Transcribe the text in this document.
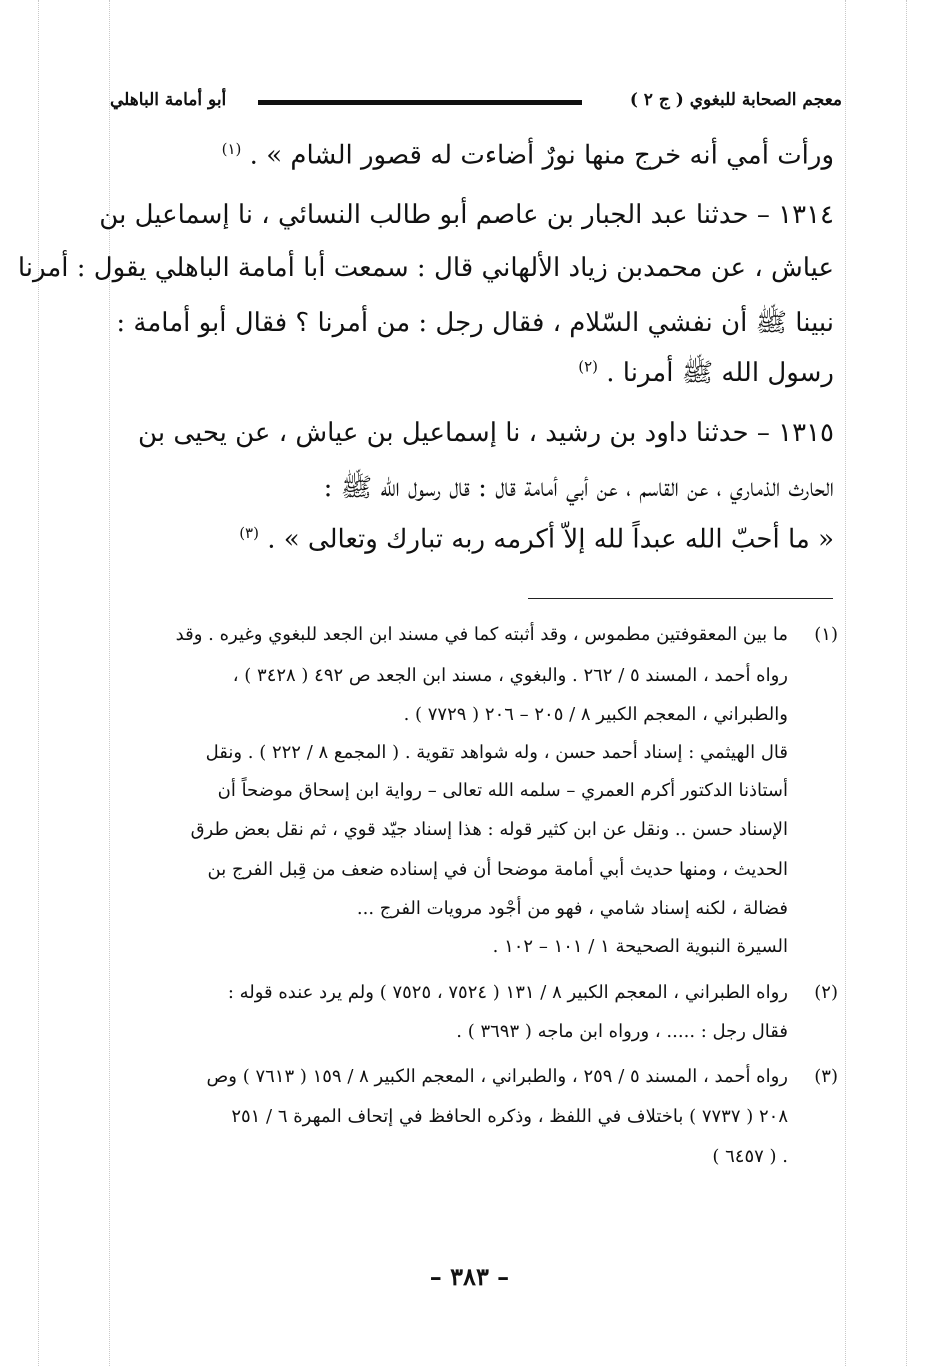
أبو أمامة الباهلي	معجم الصحابة للبغوي ( ج ٢ )
ورأت أمي أنه خرج منها نورٌ أضاءت له قصور الشام » . $^{(١)}$
١٣١٤ – حدثنا عبد الجبار بن عاصم أبو طالب النسائي ، نا إسماعيل بن
عياش ، عن محمدبن زياد الألهاني قال : سمعت أبا أمامة الباهلي يقول : أمرنا
نبينا ﷺ أن نفشي السّلام ، فقال رجل : من أمرنا ؟ فقال أبو أمامة :
رسول الله ﷺ أمرنا . $^{(٢)}$
١٣١٥ – حدثنا داود بن رشيد ، نا إسماعيل بن عياش ، عن يحيى بن
الحارث الذماري ، عن القاسم ، عن أبي أمامة قال : قال رسول الله ﷺ :
« ما أحبّ الله عبداً لله إلاّ أكرمه ربه تبارك وتعالى » . $^{(٣)}$
(١)
ما بين المعقوفتين مطموس ، وقد أثبته كما في مسند ابن الجعد للبغوي وغيره . وقد
رواه أحمد ، المسند ٥ / ٢٦٢ . والبغوي ، مسند ابن الجعد ص ٤٩٢ ( ٣٤٢٨ ) ،
والطبراني ، المعجم الكبير ٨ / ٢٠٥ – ٢٠٦ ( ٧٧٢٩ ) .
قال الهيثمي : إسناد أحمد حسن ، وله شواهد تقوية . ( المجمع ٨ / ٢٢٢ ) . ونقل
أستاذنا الدكتور أكرم العمري – سلمه الله تعالى – رواية ابن إسحاق موضحاً أن
الإسناد حسن .. ونقل عن ابن كثير قوله : هذا إسناد جيّد قوي ، ثم نقل بعض طرق
الحديث ، ومنها حديث أبي أمامة موضحا أن في إسناده ضعف من قِبل الفرج بن
فضالة ، لكنه إسناد شامي ، فهو من أجْود مرويات الفرج ...
السيرة النبوية الصحيحة ١ / ١٠١ – ١٠٢ .
(٢)
رواه الطبراني ، المعجم الكبير ٨ / ١٣١ ( ٧٥٢٤ ، ٧٥٢٥ ) ولم يرد عنده قوله :
فقال رجل : ..... ، ورواه ابن ماجه ( ٣٦٩٣ ) .
(٣)
رواه أحمد ، المسند ٥ / ٢٥٩ ، والطبراني ، المعجم الكبير ٨ / ١٥٩ ( ٧٦١٣ ) وص
٢٠٨ ( ٧٧٣٧ ) باختلاف في اللفظ ، وذكره الحافظ في إتحاف المهرة ٦ / ٢٥١
. ( ٦٤٥٧ )
– ٣٨٣ –
